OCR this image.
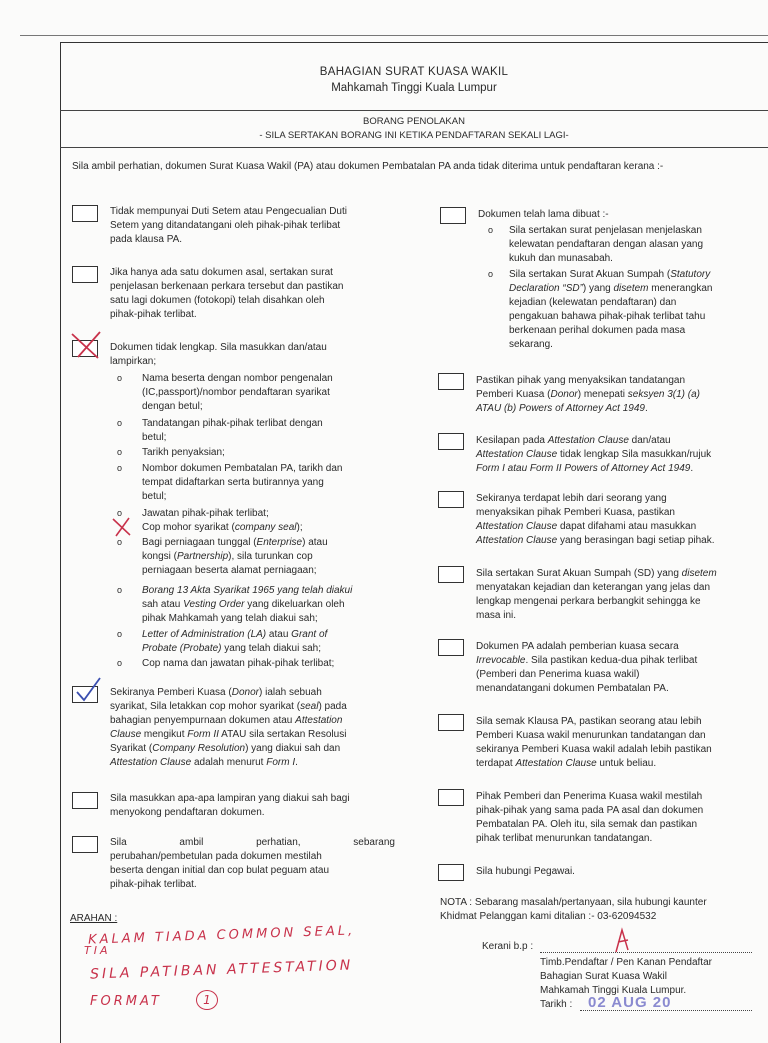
BAHAGIAN SURAT KUASA WAKIL
Mahkamah Tinggi Kuala Lumpur
BORANG PENOLAKAN
- SILA SERTAKAN BORANG INI KETIKA PENDAFTARAN SEKALI LAGI-
Sila ambil perhatian, dokumen Surat Kuasa Wakil (PA) atau dokumen Pembatalan PA anda tidak diterima untuk pendaftaran kerana :-
Tidak mempunyai Duti Setem atau Pengecualian Duti
Setem yang ditandatangani oleh pihak-pihak terlibat
pada klausa PA.
Jika hanya ada satu dokumen asal, sertakan surat
penjelasan berkenaan perkara tersebut dan pastikan
satu lagi dokumen (fotokopi) telah disahkan oleh
pihak-pihak terlibat.
Dokumen tidak lengkap. Sila masukkan dan/atau
lampirkan;
o Nama beserta dengan nombor pengenalan
(IC,passport)/nombor pendaftaran syarikat
dengan betul;
o Tandatangan pihak-pihak terlibat dengan
betul;
o Tarikh penyaksian;
o Nombor dokumen Pembatalan PA, tarikh dan
tempat didaftarkan serta butirannya yang
betul;
o Jawatan pihak-pihak terlibat;
Cop mohor syarikat (company seal);
o Bagi perniagaan tunggal (Enterprise) atau
kongsi (Partnership), sila turunkan cop
perniagaan beserta alamat perniagaan;
o Borang 13 Akta Syarikat 1965 yang telah diakui
sah atau Vesting Order yang dikeluarkan oleh
pihak Mahkamah yang telah diakui sah;
o Letter of Administration (LA) atau Grant of
Probate (Probate) yang telah diakui sah;
o Cop nama dan jawatan pihak-pihak terlibat;
Sekiranya Pemberi Kuasa (Donor) ialah sebuah
syarikat, Sila letakkan cop mohor syarikat (seal) pada
bahagian penyempurnaan dokumen atau Attestation
Clause mengikut Form II ATAU sila sertakan Resolusi
Syarikat (Company Resolution) yang diakui sah dan
Attestation Clause adalah menurut Form I.
Sila masukkan apa-apa lampiran yang diakui sah bagi
menyokong pendaftaran dokumen.
Sila	ambil	perhatian,	sebarang
perubahan/pembetulan pada dokumen mestilah
beserta dengan initial dan cop bulat peguam atau
pihak-pihak terlibat.
ARAHAN :
KALAM TIADA COMMON SEAL,
TIA
SILA PATIBAN ATTESTATION
FORMAT	1
Dokumen telah lama dibuat :-
o Sila sertakan surat penjelasan menjelaskan
kelewatan pendaftaran dengan alasan yang
kukuh dan munasabah.
o Sila sertakan Surat Akuan Sumpah (Statutory
Declaration “SD”) yang disetem menerangkan
kejadian (kelewatan pendaftaran) dan
pengakuan bahawa pihak-pihak terlibat tahu
berkenaan perihal dokumen pada masa
sekarang.
Pastikan pihak yang menyaksikan tandatangan
Pemberi Kuasa (Donor) menepati seksyen 3(1) (a)
ATAU (b) Powers of Attorney Act 1949.
Kesilapan pada Attestation Clause dan/atau
Attestation Clause tidak lengkap Sila masukkan/rujuk
Form I atau Form II Powers of Attorney Act 1949.
Sekiranya terdapat lebih dari seorang yang
menyaksikan pihak Pemberi Kuasa, pastikan
Attestation Clause dapat difahami atau masukkan
Attestation Clause yang berasingan bagi setiap pihak.
Sila sertakan Surat Akuan Sumpah (SD) yang disetem
menyatakan kejadian dan keterangan yang jelas dan
lengkap mengenai perkara berbangkit sehingga ke
masa ini.
Dokumen PA adalah pemberian kuasa secara
Irrevocable. Sila pastikan kedua-dua pihak terlibat
(Pemberi dan Penerima kuasa wakil)
menandatangani dokumen Pembatalan PA.
Sila semak Klausa PA, pastikan seorang atau lebih
Pemberi Kuasa wakil menurunkan tandatangan dan
sekiranya Pemberi Kuasa wakil adalah lebih pastikan
terdapat Attestation Clause untuk beliau.
Pihak Pemberi dan Penerima Kuasa wakil mestilah
pihak-pihak yang sama pada PA asal dan dokumen
Pembatalan PA. Oleh itu, sila semak dan pastikan
pihak terlibat menurunkan tandatangan.
Sila hubungi Pegawai.
NOTA : Sebarang masalah/pertanyaan, sila hubungi kaunter
Khidmat Pelanggan kami ditalian :- 03-62094532
Kerani b.p :
Timb.Pendaftar / Pen Kanan Pendaftar
Bahagian Surat Kuasa Wakil
Mahkamah Tinggi Kuala Lumpur.
Tarikh : 02 AUG 20
